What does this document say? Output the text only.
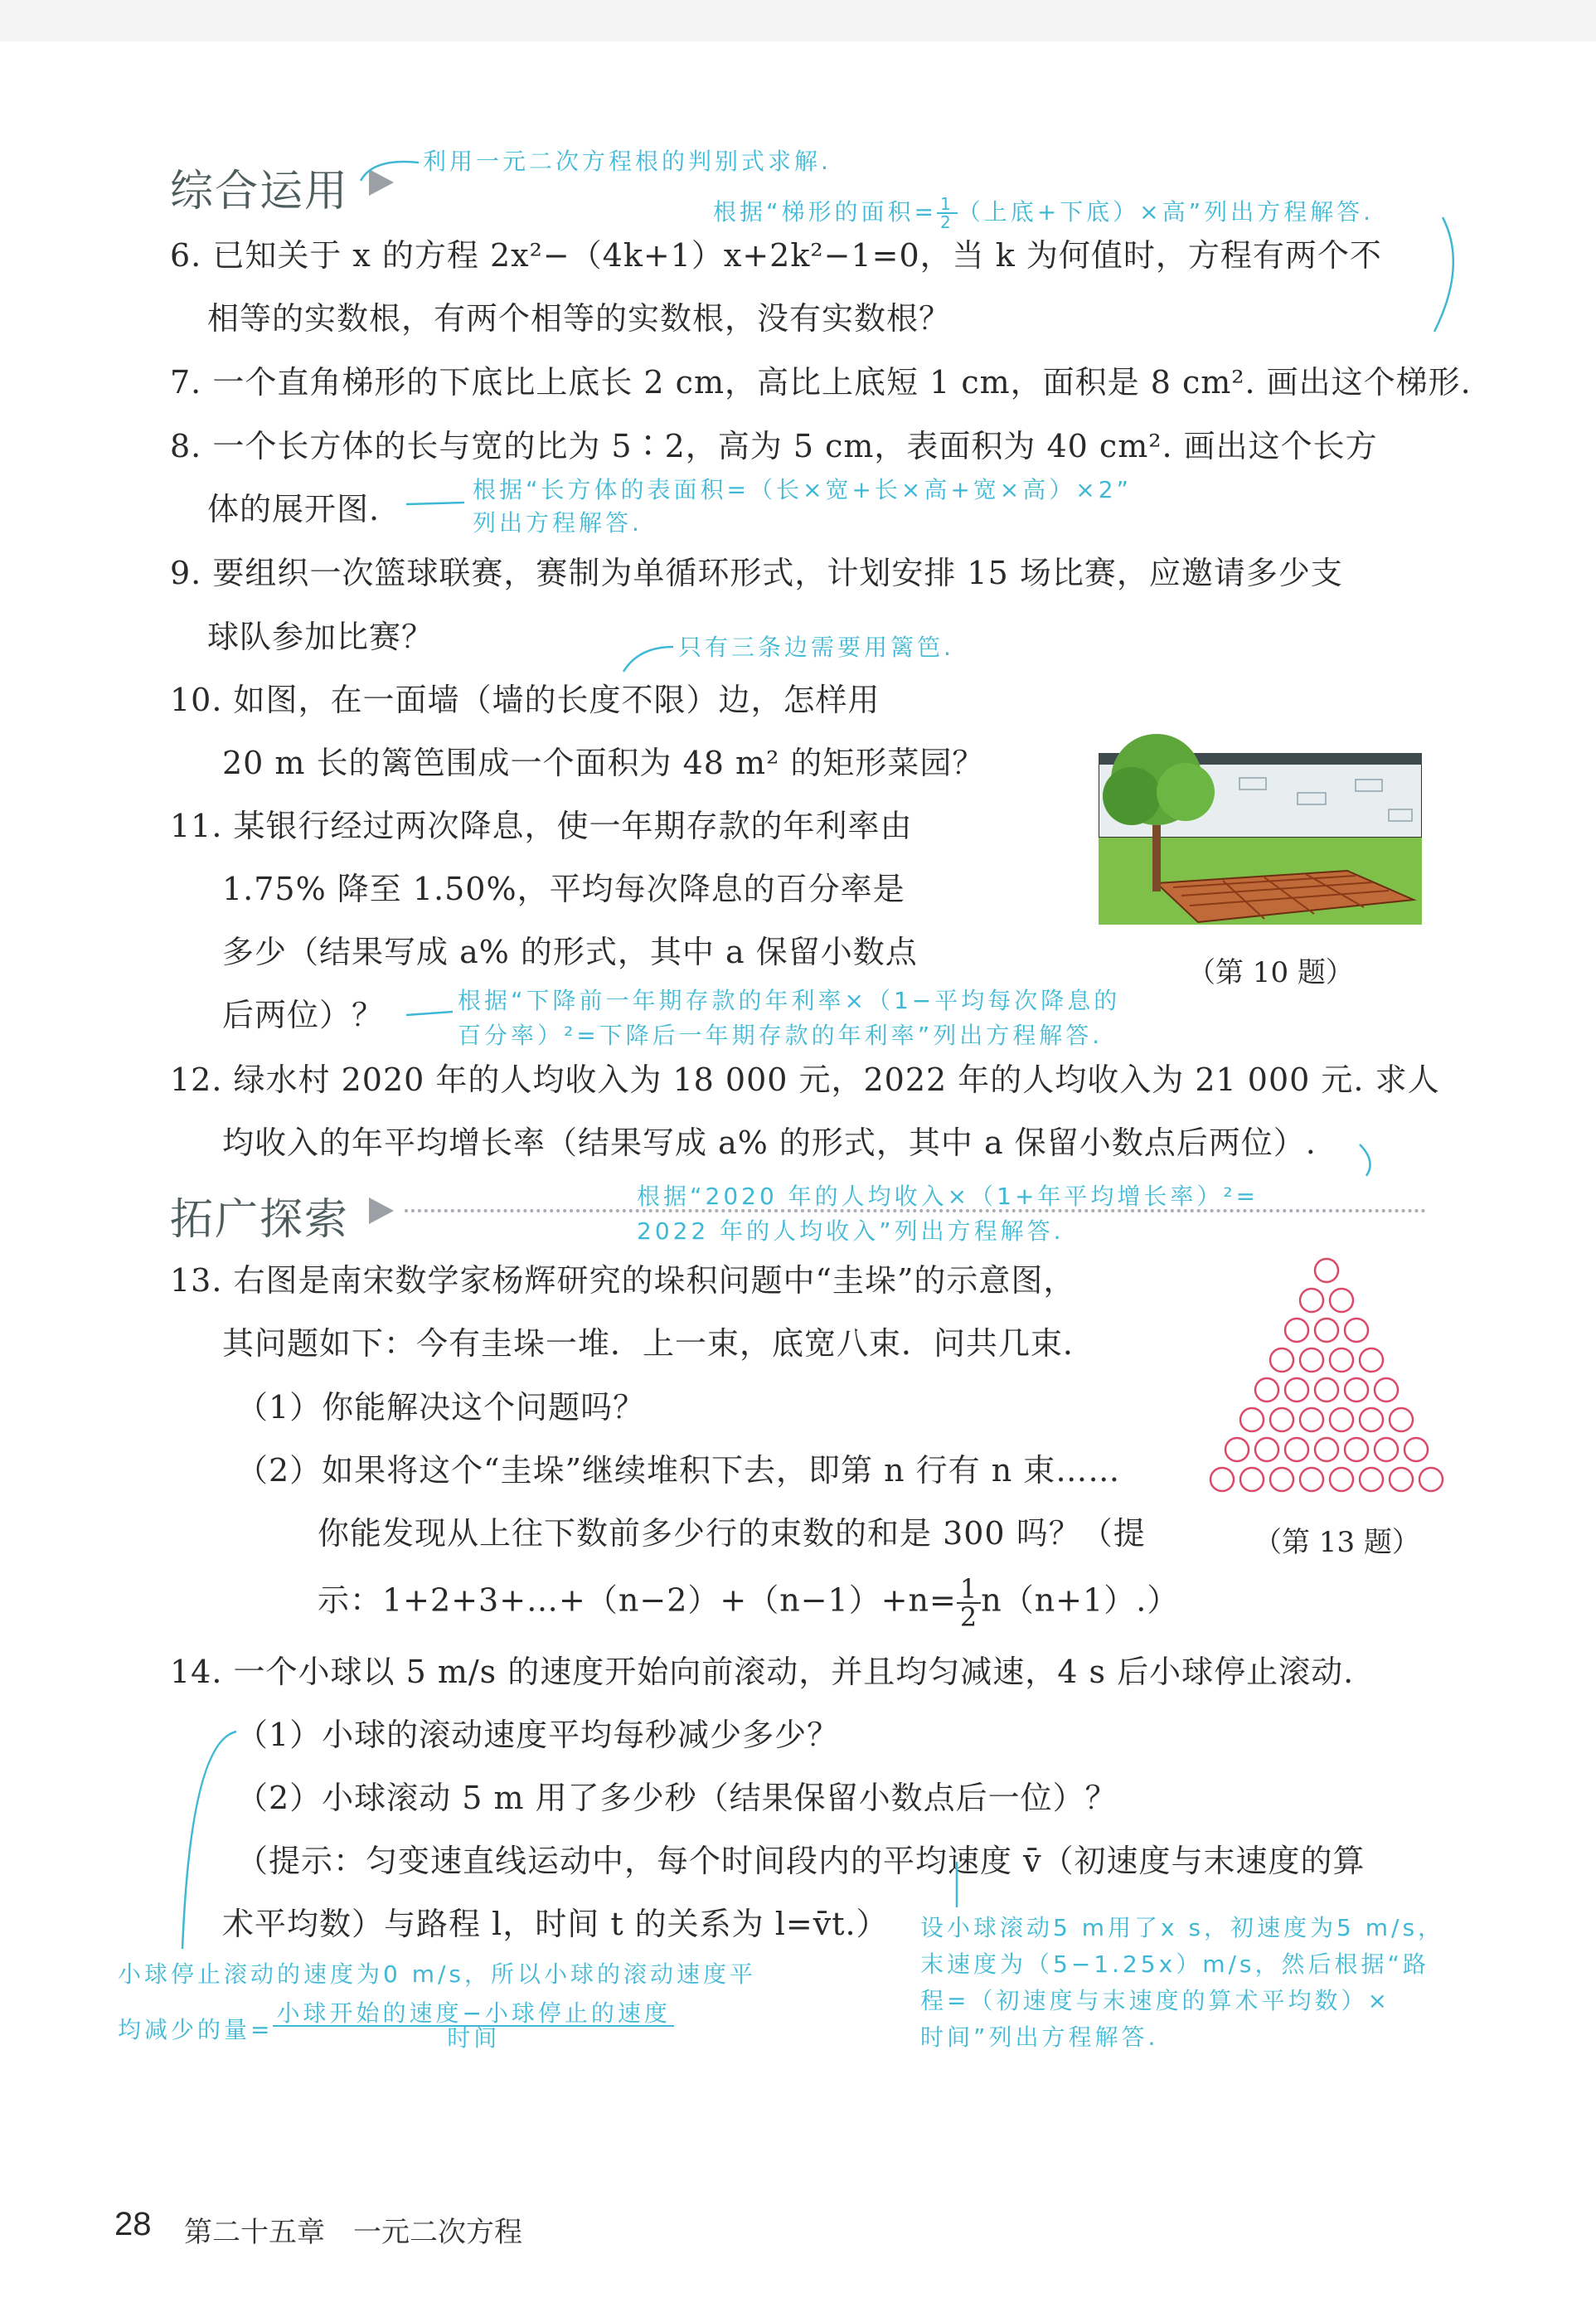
综合运用
利用一元二次方程根的判别式求解.
根据“梯形的面积= $\frac{1}{2}$ （上底+下底）×高”列出方程解答.
6. 已知关于 x 的方程 2x²−（4k+1）x+2k²−1=0，当 k 为何值时，方程有两个不
相等的实数根，有两个相等的实数根，没有实数根？
7. 一个直角梯形的下底比上底长 2 cm，高比上底短 1 cm，面积是 8 cm². 画出这个梯形.
8. 一个长方体的长与宽的比为 5∶2，高为 5 cm，表面积为 40 cm². 画出这个长方
体的展开图.
根据“长方体的表面积=（长×宽+长×高+宽×高）×2”
列出方程解答.
9. 要组织一次篮球联赛，赛制为单循环形式，计划安排 15 场比赛，应邀请多少支
球队参加比赛？	只有三条边需要用篱笆.
10. 如图，在一面墙（墙的长度不限）边，怎样用
20 m 长的篱笆围成一个面积为 48 m² 的矩形菜园？
（第 10 题）
11. 某银行经过两次降息，使一年期存款的年利率由
1.75% 降至 1.50%，平均每次降息的百分率是
多少（结果写成 a% 的形式，其中 a 保留小数点
后两位）？	根据“下降前一年期存款的年利率×（1−平均每次降息的
百分率）²=下降后一年期存款的年利率”列出方程解答.
12. 绿水村 2020 年的人均收入为 18 000 元，2022 年的人均收入为 21 000 元. 求人
均收入的年平均增长率（结果写成 a% 的形式，其中 a 保留小数点后两位）.
拓广探索	根据“2020 年的人均收入×（1+年平均增长率）²=
2022 年的人均收入”列出方程解答.
13. 右图是南宋数学家杨辉研究的垛积问题中“圭垛”的示意图，
其问题如下：今有圭垛一堆．上一束，底宽八束．问共几束．
（1）你能解决这个问题吗？
（2）如果将这个“圭垛”继续堆积下去，即第 n 行有 n 束……
你能发现从上往下数前多少行的束数的和是 300 吗？（提
示：1+2+3+…+（n−2）+（n−1）+n= $\frac{1}{2} n(n+1)$.）
（第 13 题）
14. 一个小球以 5 m/s 的速度开始向前滚动，并且均匀减速，4 s 后小球停止滚动.
（1）小球的滚动速度平均每秒减少多少？
（2）小球滚动 5 m 用了多少秒（结果保留小数点后一位）？
（提示：匀变速直线运动中，每个时间段内的平均速度 v̄（初速度与末速度的算
术平均数）与路程 l，时间 t 的关系为 l=v̄t.）
小球停止滚动的速度为0 m/s，所以小球的滚动速度平
均减少的量= $\frac{\text{小球开始的速度−小球停止的速度}}{\text{时间}}$
设小球滚动5 m用了x s，初速度为5 m/s，
末速度为（5−1.25x）m/s，然后根据“路
程=（初速度与末速度的算术平均数）×
时间”列出方程解答.
28 第二十五章　一元二次方程
